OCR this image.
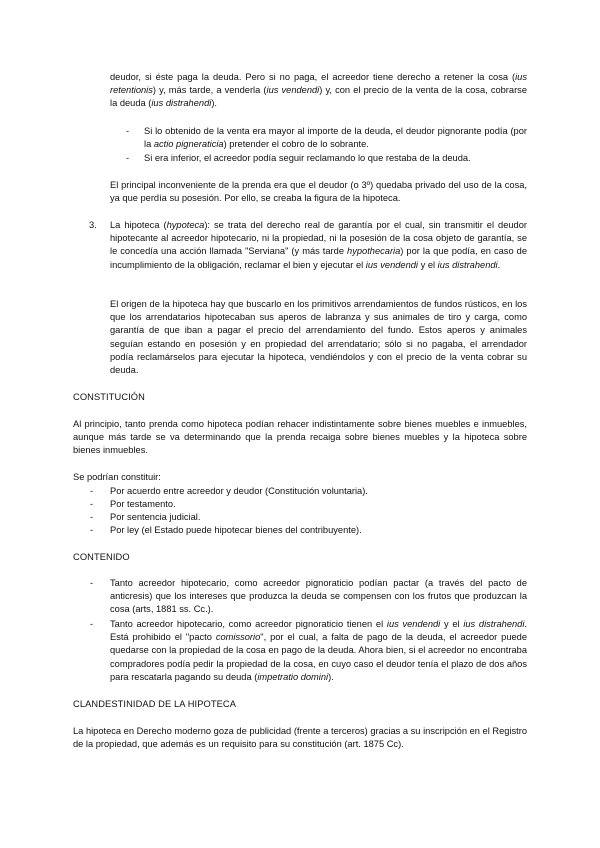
deudor, si éste paga la deuda. Pero si no paga, el acreedor tiene derecho a retener la cosa (ius retentionis) y, más tarde, a venderla (ius vendendi) y, con el precio de la venta de la cosa, cobrarse la deuda (ius distrahendi).

- Si lo obtenido de la venta era mayor al importe de la deuda, el deudor pignorante podía (por la actio pigneraticia) pretender el cobro de lo sobrante.
- Si era inferior, el acreedor podía seguir reclamando lo que restaba de la deuda.

El principal inconveniente de la prenda era que el deudor (o 3º) quedaba privado del uso de la cosa, ya que perdía su posesión. Por ello, se creaba la figura de la hipoteca.

3. La hipoteca (hypoteca): se trata del derecho real de garantía por el cual, sin transmitir el deudor hipotecante al acreedor hipotecario, ni la propiedad, ni la posesión de la cosa objeto de garantía, se le concedía una acción llamada "Serviana" (y más tarde hypothecaria) por la que podía, en caso de incumplimiento de la obligación, reclamar el bien y ejecutar el ius vendendi y el ius distrahendi.

El origen de la hipoteca hay que buscarlo en los primitivos arrendamientos de fundos rústicos, en los que los arrendatarios hipotecaban sus aperos de labranza y sus animales de tiro y carga, como garantía de que iban a pagar el precio del arrendamiento del fundo. Estos aperos y animales seguían estando en posesión y en propiedad del arrendatario; sólo si no pagaba, el arrendador podía reclamárselos para ejecutar la hipoteca, vendiéndolos y con el precio de la venta cobrar su deuda.

CONSTITUCIÓN

Al principio, tanto prenda como hipoteca podían rehacer indistintamente sobre bienes muebles e inmuebles, aunque más tarde se va determinando que la prenda recaiga sobre bienes muebles y la hipoteca sobre bienes inmuebles.

Se podrían constituir:

- Por acuerdo entre acreedor y deudor (Constitución voluntaria).
- Por testamento.
- Por sentencia judicial.
- Por ley (el Estado puede hipotecar bienes del contribuyente).
CONTENIDO
- Tanto acreedor hipotecario, como acreedor pignoraticio podían pactar (a través del pacto de anticresis) que los intereses que produzca la deuda se compensen con los frutos que produzcan la cosa (arts, 1881 ss. Cc.).
- Tanto acreedor hipotecario, como acreedor pignoraticio tienen el ius vendendi y el ius distrahendi. Está prohibido el "pacto comissorio", por el cual, a falta de pago de la deuda, el acreedor puede quedarse con la propiedad de la cosa en pago de la deuda. Ahora bien, si el acreedor no encontraba compradores podía pedir la propiedad de la cosa, en cuyo caso el deudor tenía el plazo de dos años para rescatarla pagando su deuda (impetratio domini).
CLANDESTINIDAD DE LA HIPOTECA

La hipoteca en Derecho moderno goza de publicidad (frente a terceros) gracias a su inscripción en el Registro de la propiedad, que además es un requisito para su constitución (art. 1875 Cc).
